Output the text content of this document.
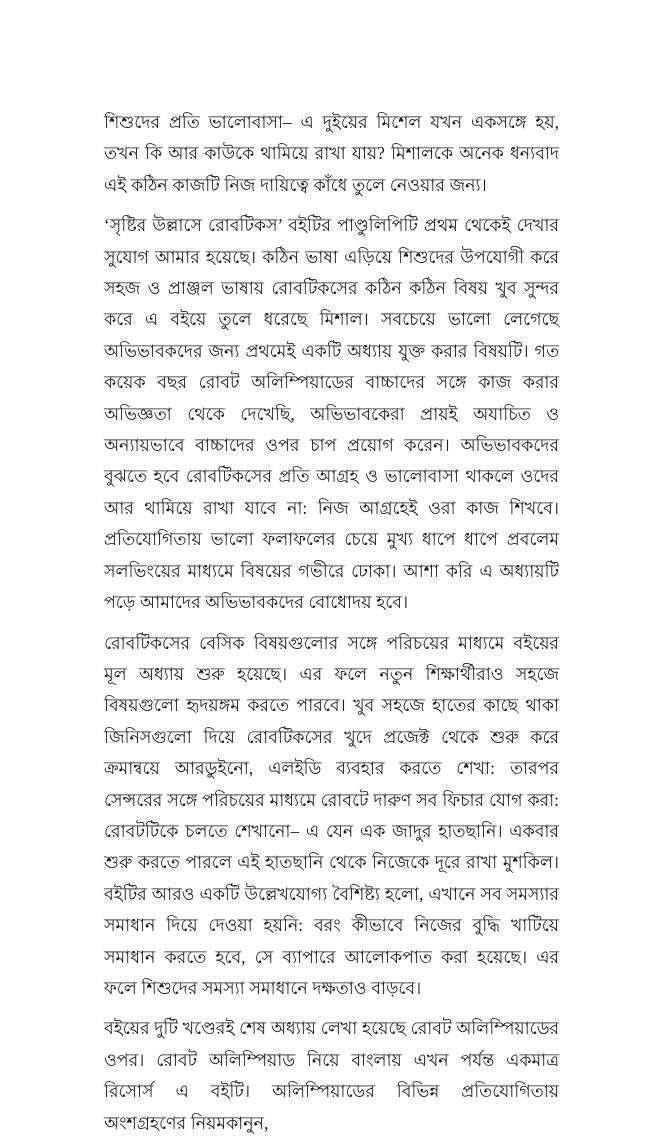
শিশুদের প্রতি ভালোবাসা– এ দুইয়ের মিশেল যখন একসঙ্গে হয়, তখন কি আর কাউকে থামিয়ে রাখা যায়? মিশালকে অনেক ধন্যবাদ এই কঠিন কাজটি নিজ দায়িত্বে কাঁধে তুলে নেওয়ার জন্য।

‘সৃষ্টির উল্লাসে রোবটিকস’ বইটির পাণ্ডুলিপিটি প্রথম থেকেই দেখার সুযোগ আমার হয়েছে। কঠিন ভাষা এড়িয়ে শিশুদের উপযোগী করে সহজ ও প্রাঞ্জল ভাষায় রোবটিকসের কঠিন কঠিন বিষয় খুব সুন্দর করে এ বইয়ে তুলে ধরেছে মিশাল। সবচেয়ে ভালো লেগেছে অভিভাবকদের জন্য প্রথমেই একটি অধ্যায় যুক্ত করার বিষয়টি। গত কয়েক বছর রোবট অলিম্পিয়াডের বাচ্চাদের সঙ্গে কাজ করার অভিজ্ঞতা থেকে দেখেছি, অভিভাবকেরা প্রায়ই অযাচিত ও অন্যায়ভাবে বাচ্চাদের ওপর চাপ প্রয়োগ করেন। অভিভাবকদের বুঝতে হবে রোবটিকসের প্রতি আগ্রহ ও ভালোবাসা থাকলে ওদের আর থামিয়ে রাখা যাবে না: নিজ আগ্রহেই ওরা কাজ শিখবে। প্রতিযোগিতায় ভালো ফলাফলের চেয়ে মুখ্য ধাপে ধাপে প্রবলেম সলভিংয়ের মাধ্যমে বিষয়ের গভীরে ঢোকা। আশা করি এ অধ্যায়টি পড়ে আমাদের অভিভাবকদের বোধোদয় হবে।

রোবটিকসের বেসিক বিষয়গুলোর সঙ্গে পরিচয়ের মাধ্যমে বইয়ের মূল অধ্যায় শুরু হয়েছে। এর ফলে নতুন শিক্ষার্থীরাও সহজে বিষয়গুলো হৃদয়ঙ্গম করতে পারবে। খুব সহজে হাতের কাছে থাকা জিনিসগুলো দিয়ে রোবটিকসের খুদে প্রজেক্ট থেকে শুরু করে ক্রমান্বয়ে আরডুইনো, এলইডি ব্যবহার করতে শেখা: তারপর সেন্সরের সঙ্গে পরিচয়ের মাধ্যমে রোবটে দারুণ সব ফিচার যোগ করা: রোবটটিকে চলতে শেখানো– এ যেন এক জাদুর হাতছানি। একবার শুরু করতে পারলে এই হাতছানি থেকে নিজেকে দূরে রাখা মুশকিল। বইটির আরও একটি উল্লেখযোগ্য বৈশিষ্ট্য হলো, এখানে সব সমস্যার সমাধান দিয়ে দেওয়া হয়নি: বরং কীভাবে নিজের বুদ্ধি খাটিয়ে সমাধান করতে হবে, সে ব্যাপারে আলোকপাত করা হয়েছে। এর ফলে শিশুদের সমস্যা সমাধানে দক্ষতাও বাড়বে।

বইয়ের দুটি খণ্ডেরই শেষ অধ্যায় লেখা হয়েছে রোবট অলিম্পিয়াডের ওপর। রোবট অলিম্পিয়াড নিয়ে বাংলায় এখন পর্যন্ত একমাত্র রিসোর্স এ বইটি। অলিম্পিয়াডের বিভিন্ন প্রতিযোগিতায় অংশগ্রহণের নিয়মকানুন,
